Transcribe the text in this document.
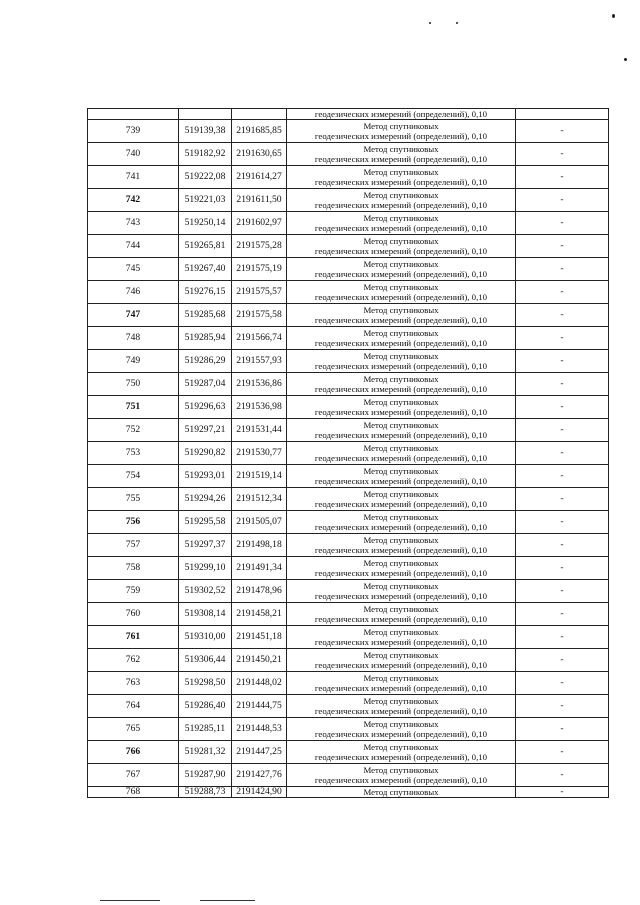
			геодезических измерений (определений), 0,10	
739	519139,38	2191685,85	Метод спутниковых
геодезических измерений (определений), 0,10	-
740	519182,92	2191630,65	Метод спутниковых
геодезических измерений (определений), 0,10	-
741	519222,08	2191614,27	Метод спутниковых
геодезических измерений (определений), 0,10	-
742	519221,03	2191611,50	Метод спутниковых
геодезических измерений (определений), 0,10	-
743	519250,14	2191602,97	Метод спутниковых
геодезических измерений (определений), 0,10	-
744	519265,81	2191575,28	Метод спутниковых
геодезических измерений (определений), 0,10	-
745	519267,40	2191575,19	Метод спутниковых
геодезических измерений (определений), 0,10	-
746	519276,15	2191575,57	Метод спутниковых
геодезических измерений (определений), 0,10	-
747	519285,68	2191575,58	Метод спутниковых
геодезических измерений (определений), 0,10	-
748	519285,94	2191566,74	Метод спутниковых
геодезических измерений (определений), 0,10	-
749	519286,29	2191557,93	Метод спутниковых
геодезических измерений (определений), 0,10	-
750	519287,04	2191536,86	Метод спутниковых
геодезических измерений (определений), 0,10	-
751	519296,63	2191536,98	Метод спутниковых
геодезических измерений (определений), 0,10	-
752	519297,21	2191531,44	Метод спутниковых
геодезических измерений (определений), 0,10	-
753	519290,82	2191530,77	Метод спутниковых
геодезических измерений (определений), 0,10	-
754	519293,01	2191519,14	Метод спутниковых
геодезических измерений (определений), 0,10	-
755	519294,26	2191512,34	Метод спутниковых
геодезических измерений (определений), 0,10	-
756	519295,58	2191505,07	Метод спутниковых
геодезических измерений (определений), 0,10	-
757	519297,37	2191498,18	Метод спутниковых
геодезических измерений (определений), 0,10	-
758	519299,10	2191491,34	Метод спутниковых
геодезических измерений (определений), 0,10	-
759	519302,52	2191478,96	Метод спутниковых
геодезических измерений (определений), 0,10	-
760	519308,14	2191458,21	Метод спутниковых
геодезических измерений (определений), 0,10	-
761	519310,00	2191451,18	Метод спутниковых
геодезических измерений (определений), 0,10	-
762	519306,44	2191450,21	Метод спутниковых
геодезических измерений (определений), 0,10	-
763	519298,50	2191448,02	Метод спутниковых
геодезических измерений (определений), 0,10	-
764	519286,40	2191444,75	Метод спутниковых
геодезических измерений (определений), 0,10	-
765	519285,11	2191448,53	Метод спутниковых
геодезических измерений (определений), 0,10	-
766	519281,32	2191447,25	Метод спутниковых
геодезических измерений (определений), 0,10	-
767	519287,90	2191427,76	Метод спутниковых
геодезических измерений (определений), 0,10	-
768	519288,73	2191424,90	Метод спутниковых	-
